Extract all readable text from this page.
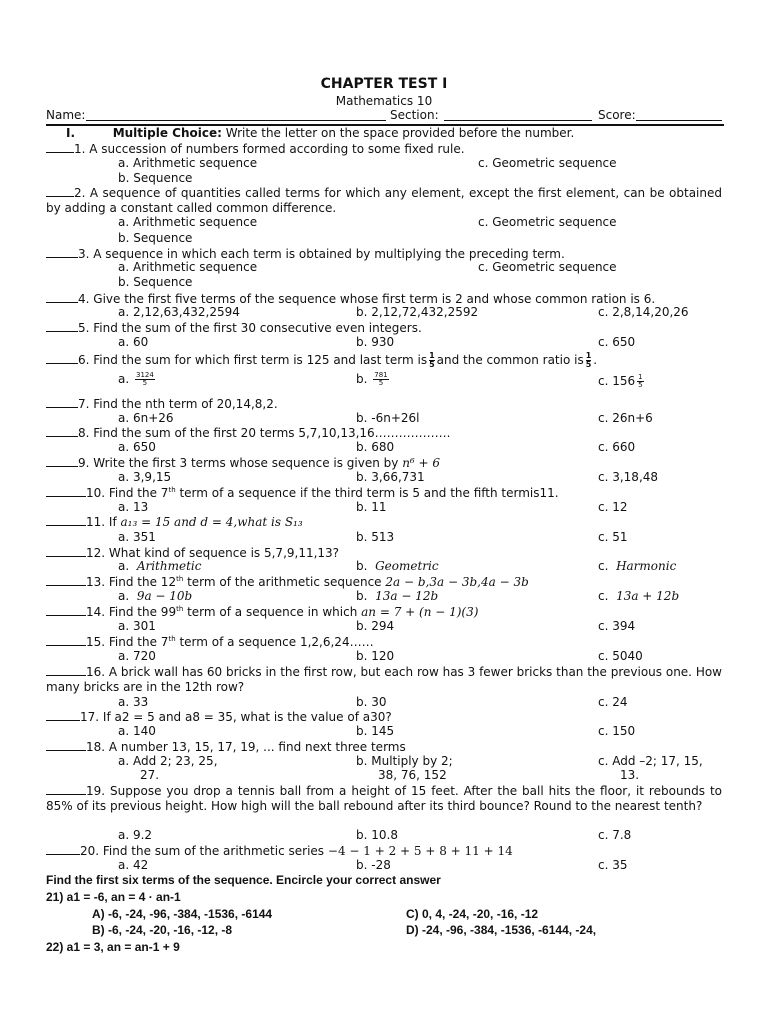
CHAPTER TEST I
Mathematics 10
Name:	Section:	Score:
I.	Multiple Choice: Write the letter on the space provided before the number.
1. A succession of numbers formed according to some fixed rule.
a. Arithmetic sequence	c. Geometric sequence
b. Sequence
2. A sequence of quantities called terms for which any element, except the first element, can be obtained by adding a constant called common difference.
a. Arithmetic sequence	c. Geometric sequence
b. Sequence
3. A sequence in which each term is obtained by multiplying the preceding term.
a. Arithmetic sequence	c. Geometric sequence
b. Sequence
4. Give the first five terms of the sequence whose first term is 2 and whose common ration is 6.
a. 2,12,63,432,2594	b. 2,12,72,432,2592	c. 2,8,14,20,26
5. Find the sum of the first 30 consecutive even integers.
a. 60	b. 930	c. 650
6. Find the sum for which first term is 125 and last term is $\frac{1}{5}$ and the common ratio is $\frac{1}{5}$ .
a. $\frac{3124}{5}$	b. $\frac{781}{5}$	c. $156 \frac{1}{5}$
7. Find the nth term of 20,14,8,2.
a. 6n+26	b. -6n+26l	c. 26n+6
8. Find the sum of the first 20 terms 5,7,10,13,16……………….
a. 650	b. 680	c. 660
9. Write the first 3 terms whose sequence is given by n⁶ + 6
a. 3,9,15	b. 3,66,731	c. 3,18,48
10. Find the 7th term of a sequence if the third term is 5 and the fifth termis11.
a. 13	b. 11	c. 12
11. If a₁₃ = 15 and d = 4,what is S₁₃
a. 351	b. 513	c. 51
12. What kind of sequence is 5,7,9,11,13?
a. Arithmetic	b. Geometric	c. Harmonic
13. Find the 12th term of the arithmetic sequence 2a − b,3a − 3b,4a − 3b
a. 9a − 10b	b. 13a − 12b	c. 13a + 12b
14. Find the 99th term of a sequence in which an = 7 + (n − 1)(3)
a. 301	b. 294	c. 394
15. Find the 7th term of a sequence 1,2,6,24……
a. 720	b. 120	c. 5040
16. A brick wall has 60 bricks in the first row, but each row has 3 fewer bricks than the previous one. How many bricks are in the 12th row?
a. 33	b. 30	c. 24
17. If a2 = 5 and a8 = 35, what is the value of a30?
a. 140	b. 145	c. 150
18. A number 13, 15, 17, 19, ... find next three terms
a. Add 2; 23, 25,
27.
b. Multiply by 2;
38, 76, 152
c. Add –2; 17, 15,
13.
19. Suppose you drop a tennis ball from a height of 15 feet. After the ball hits the floor, it rebounds to 85% of its previous height. How high will the ball rebound after its third bounce? Round to the nearest tenth?
a. 9.2	b. 10.8	c. 7.8
20. Find the sum of the arithmetic series −4 − 1 + 2 + 5 + 8 + 11 + 14
a. 42	b. -28	c. 35
Find the first six terms of the sequence. Encircle your correct answer
21) a1 = -6, an = 4 · an-1
A) -6, -24, -96, -384, -1536, -6144	C) 0, 4, -24, -20, -16, -12
B) -6, -24, -20, -16, -12, -8	D) -24, -96, -384, -1536, -6144, -24,
22) a1 = 3, an = an-1 + 9
